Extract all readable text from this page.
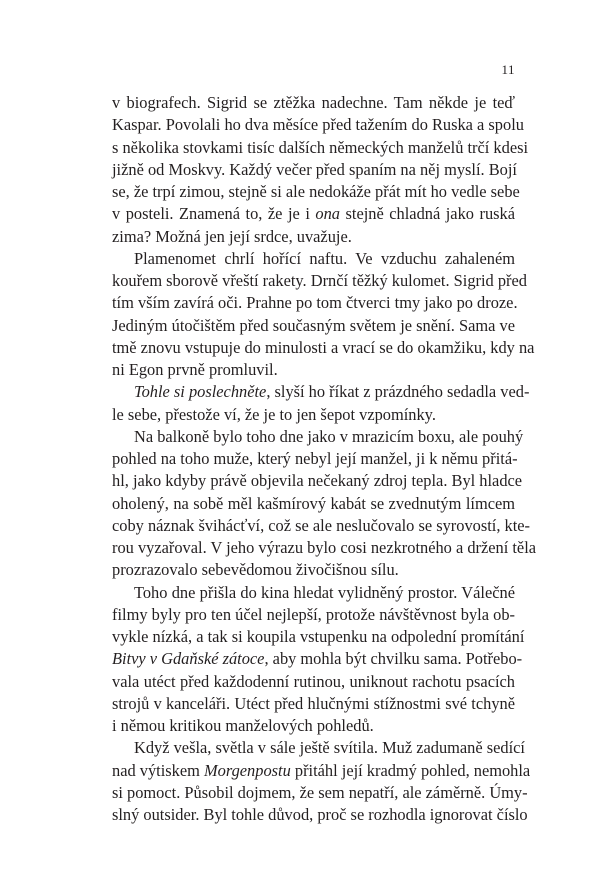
11
v biografech. Sigrid se ztěžka nadechne. Tam někde je teď
Kaspar. Povolali ho dva měsíce před tažením do Ruska a spolu
s několika stovkami tisíc dalších německých manželů trčí kdesi
jižně od Moskvy. Každý večer před spaním na něj myslí. Bojí
se, že trpí zimou, stejně si ale nedokáže přát mít ho vedle sebe
v posteli. Znamená to, že je i ona stejně chladná jako ruská
zima? Možná jen její srdce, uvažuje.
Plamenomet chrlí hořící naftu. Ve vzduchu zahaleném
kouřem sborově vřeští rakety. Drnčí těžký kulomet. Sigrid před
tím vším zavírá oči. Prahne po tom čtverci tmy jako po droze.
Jediným útočištěm před současným světem je snění. Sama ve
tmě znovu vstupuje do minulosti a vrací se do okamžiku, kdy na
ni Egon prvně promluvil.
Tohle si poslechněte, slyší ho říkat z prázdného sedadla ved-
le sebe, přestože ví, že je to jen šepot vzpomínky.
Na balkoně bylo toho dne jako v mrazicím boxu, ale pouhý
pohled na toho muže, který nebyl její manžel, ji k němu přitá-
hl, jako kdyby právě objevila nečekaný zdroj tepla. Byl hladce
oholený, na sobě měl kašmírový kabát se zvednutým límcem
coby náznak švihácťví, což se ale neslučovalo se syrovostí, kte-
rou vyzařoval. V jeho výrazu bylo cosi nezkrotného a držení těla
prozrazovalo sebevědomou živočišnou sílu.
Toho dne přišla do kina hledat vylidněný prostor. Válečné
filmy byly pro ten účel nejlepší, protože návštěvnost byla ob-
vykle nízká, a tak si koupila vstupenku na odpolední promítání
Bitvy v Gdaňské zátoce, aby mohla být chvilku sama. Potřebo-
vala utéct před každodenní rutinou, uniknout rachotu psacích
strojů v kanceláři. Utéct před hlučnými stížnostmi své tchyně
i němou kritikou manželových pohledů.
Když vešla, světla v sále ještě svítila. Muž zadumaně sedící
nad výtiskem Morgenpostu přitáhl její kradmý pohled, nemohla
si pomoct. Působil dojmem, že sem nepatří, ale záměrně. Úmy-
slný outsider. Byl tohle důvod, proč se rozhodla ignorovat číslo
